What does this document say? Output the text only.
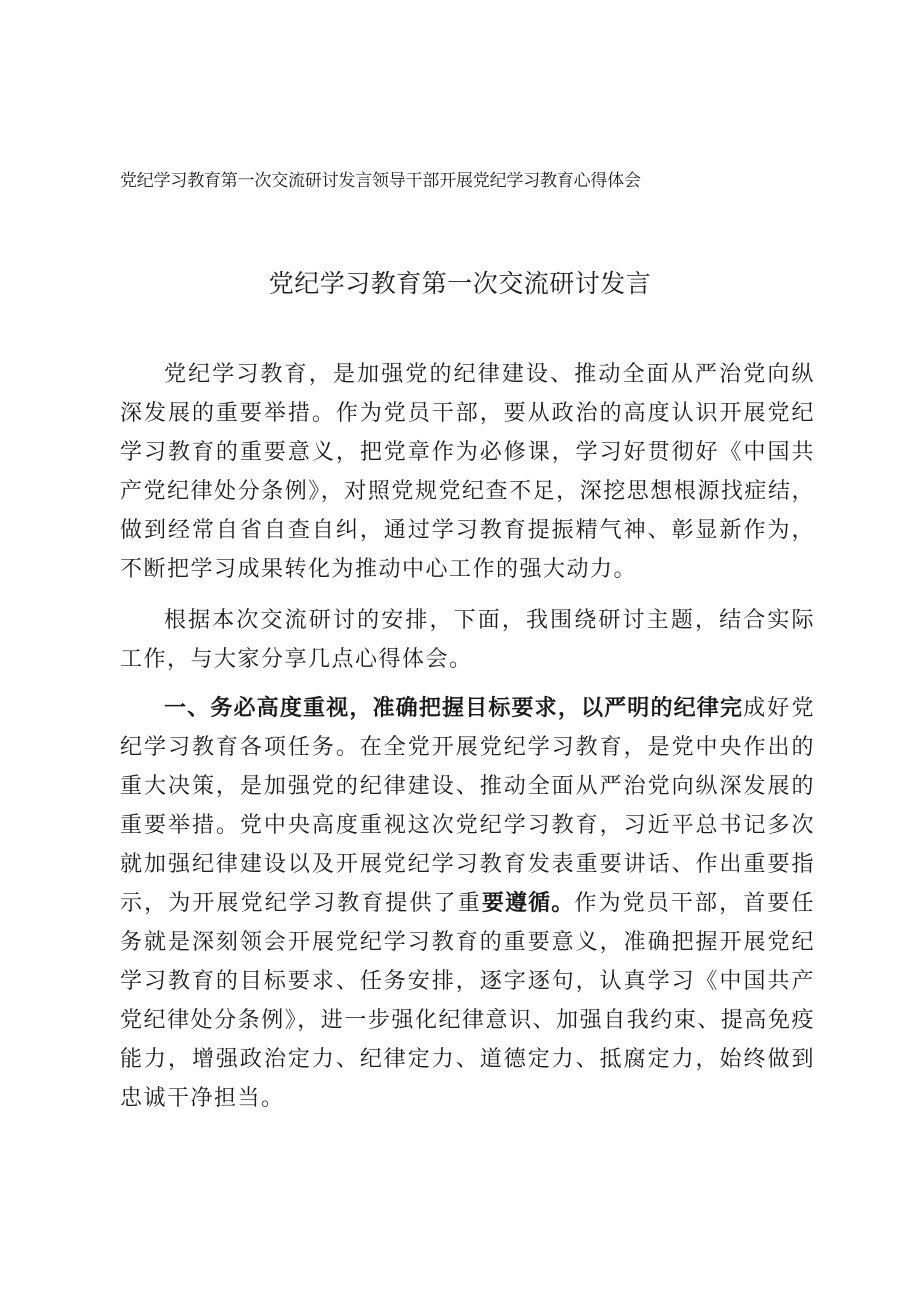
党纪学习教育第一次交流研讨发言领导干部开展党纪学习教育心得体会
党纪学习教育第一次交流研讨发言

党纪学习教育，是加强党的纪律建设、推动全面从严治党向纵深发展的重要举措。作为党员干部，要从政治的高度认识开展党纪学习教育的重要意义，把党章作为必修课，学习好贯彻好《中国共产党纪律处分条例》，对照党规党纪查不足，深挖思想根源找症结，做到经常自省自查自纠，通过学习教育提振精气神、彰显新作为，不断把学习成果转化为推动中心工作的强大动力。

根据本次交流研讨的安排，下面，我围绕研讨主题，结合实际工作，与大家分享几点心得体会。

一、务必高度重视，准确把握目标要求，以严明的纪律完成好党纪学习教育各项任务。在全党开展党纪学习教育，是党中央作出的重大决策，是加强党的纪律建设、推动全面从严治党向纵深发展的重要举措。党中央高度重视这次党纪学习教育，习近平总书记多次就加强纪律建设以及开展党纪学习教育发表重要讲话、作出重要指示，为开展党纪学习教育提供了重要遵循。作为党员干部，首要任务就是深刻领会开展党纪学习教育的重要意义，准确把握开展党纪学习教育的目标要求、任务安排，逐字逐句，认真学习《中国共产党纪律处分条例》，进一步强化纪律意识、加强自我约束、提高免疫能力，增强政治定力、纪律定力、道德定力、抵腐定力，始终做到忠诚干净担当。
